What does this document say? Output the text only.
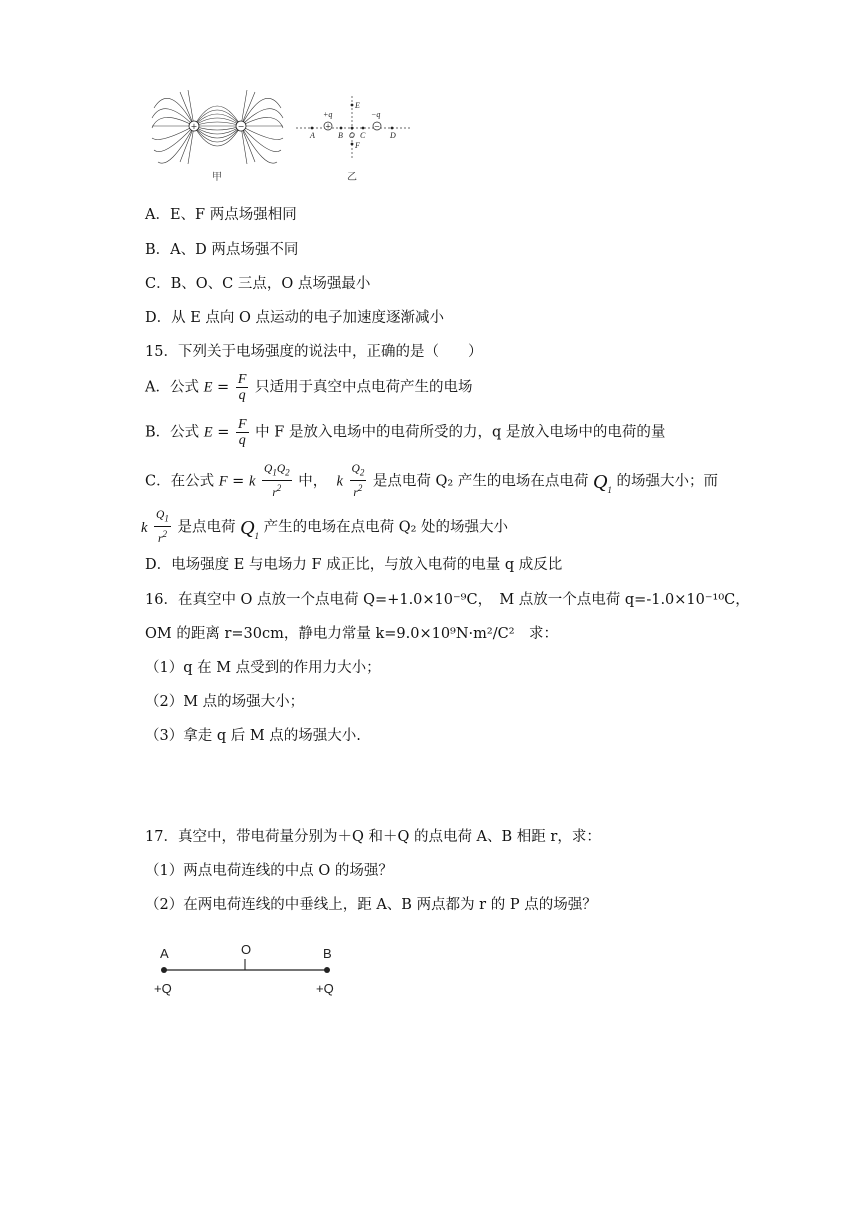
+	−
甲
+	−
+q	−q
E
F
A	B O C	D
乙
A．E、F 两点场强相同
B．A、D 两点场强不同
C．B、O、C 三点，O 点场强最小
D．从 E 点向 O 点运动的电子加速度逐渐减小
15．下列关于电场强度的说法中，正确的是（　　）
A．公式 $E = \frac{F}{q}$ 只适用于真空中点电荷产生的电场
B．公式 $E = \frac{F}{q}$ 中 F 是放入电场中的电荷所受的力，q 是放入电场中的电荷的量
C．在公式 F = k $\frac{Q_1Q_2}{r^2}$ 中， k $\frac{Q_2}{r^2}$ 是点电荷 Q₂ 产生的电场在点电荷 $Q_1$ 的场强大小；而
k $\frac{Q_1}{r^2}$ 是点电荷 $Q_1$ 产生的电场在点电荷 Q₂ 处的场强大小
D．电场强度 E 与电场力 F 成正比，与放入电荷的电量 q 成反比
16．在真空中 O 点放一个点电荷 Q=+1.0×10⁻⁹C，　M 点放一个点电荷 q=-1.0×10⁻¹⁰C，
OM 的距离 r=30cm，静电力常量 k=9.0×10⁹N·m²/C²　求：
（1）q 在 M 点受到的作用力大小；
（2）M 点的场强大小；
（3）拿走 q 后 M 点的场强大小.
17．真空中，带电荷量分别为＋Q 和＋Q 的点电荷 A、B 相距 r，求：
（1）两点电荷连线的中点 O 的场强？
（2）在两电荷连线的中垂线上，距 A、B 两点都为 r 的 P 点的场强？
A	O	B
+Q	+Q
